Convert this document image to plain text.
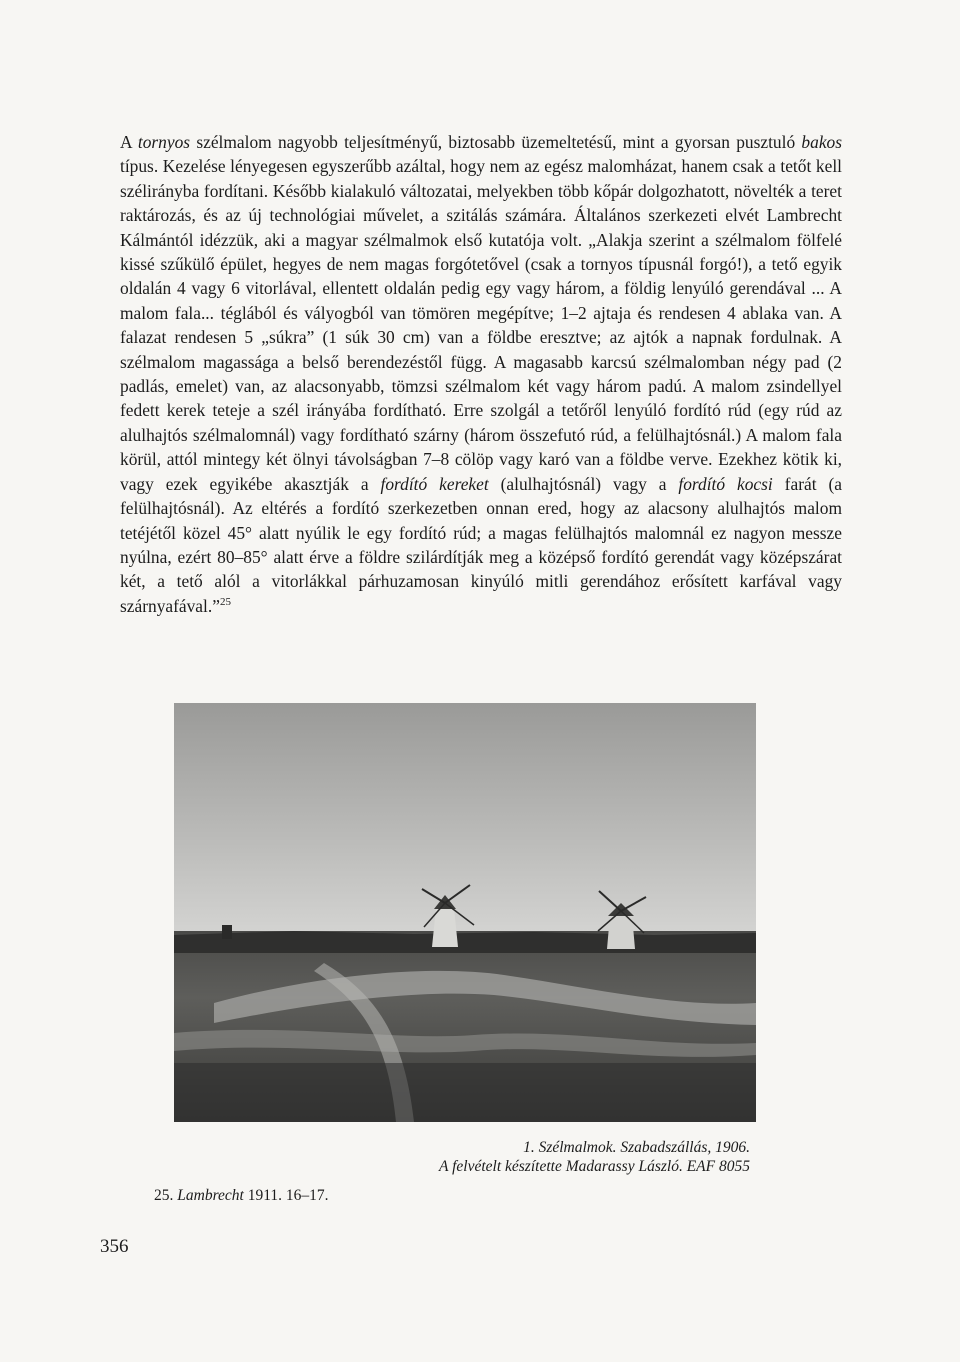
A tornyos szélmalom nagyobb teljesítményű, biztosabb üzemeltetésű, mint a gyorsan pusztuló bakos típus. Kezelése lényegesen egyszerűbb azáltal, hogy nem az egész malomházat, hanem csak a tetőt kell szélirányba fordítani. Később kialakuló változatai, melyekben több kőpár dolgozhatott, növelték a teret raktározás, és az új technológiai művelet, a szitálás számára. Általános szerkezeti elvét Lambrecht Kálmántól idézzük, aki a magyar szélmalmok első kutatója volt. „Alakja szerint a szélmalom fölfelé kissé szűkülő épület, hegyes de nem magas forgótetővel (csak a tornyos típusnál forgó!), a tető egyik oldalán 4 vagy 6 vitorlával, ellentett oldalán pedig egy vagy három, a földig lenyúló gerendával ... A malom fala... téglából és vályogból van tömören megépítve; 1–2 ajtaja és rendesen 4 ablaka van. A falazat rendesen 5 „súkra” (1 súk 30 cm) van a földbe eresztve; az ajtók a napnak fordulnak. A szélmalom magassága a belső berendezéstől függ. A magasabb karcsú szélmalomban négy pad (2 padlás, emelet) van, az alacsonyabb, tömzsi szélmalom két vagy három padú. A malom zsindellyel fedett kerek teteje a szél irányába fordítható. Erre szolgál a tetőről lenyúló fordító rúd (egy rúd az alulhajtós szélmalomnál) vagy fordítható szárny (három összefutó rúd, a felülhajtósnál.) A malom fala körül, attól mintegy két ölnyi távolságban 7–8 cölöp vagy karó van a földbe verve. Ezekhez kötik ki, vagy ezek egyikébe akasztják a fordító kereket (alulhajtósnál) vagy a fordító kocsi farát (a felülhajtósnál). Az eltérés a fordító szerkezetben onnan ered, hogy az alacsony alulhajtós malom tetéjétől közel 45° alatt nyúlik le egy fordító rúd; a magas felülhajtós malomnál ez nagyon messze nyúlna, ezért 80–85° alatt érve a földre szilárdítják meg a középső fordító gerendát vagy középszárat két, a tető alól a vitorlákkal párhuzamosan kinyúló mitli gerendához erősített karfával vagy szárnyafával.”$^{25}$

1. Szélmalmok. Szabadszállás, 1906.
A felvételt készítette Madarassy László. EAF 8055
25. Lambrecht 1911. 16–17.
356
